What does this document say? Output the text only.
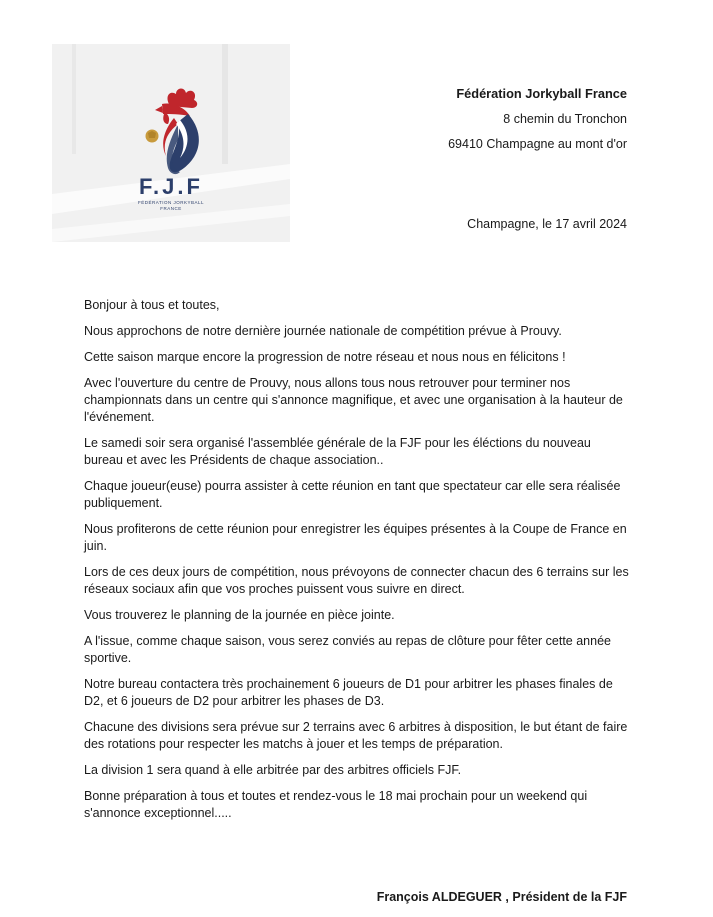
F.J.F
FÉDÉRATION JORKYBALL
FRANCE
Fédération Jorkyball France
8 chemin du Tronchon
69410 Champagne au mont d'or
Champagne, le 17 avril 2024

Bonjour à tous et toutes,

Nous approchons de notre dernière journée nationale de compétition prévue à Prouvy.

Cette saison marque encore la progression de notre réseau et nous nous en félicitons !

Avec l'ouverture du centre de Prouvy, nous allons tous nous retrouver pour terminer nos championnats dans un centre qui s'annonce magnifique, et avec une organisation à la hauteur de l'événement.

Le samedi soir sera organisé l'assemblée générale de la FJF pour les éléctions du nouveau bureau et avec les Présidents de chaque association..

Chaque joueur(euse) pourra assister à cette réunion en tant que spectateur car elle sera réalisée publiquement.

Nous profiterons de cette réunion pour enregistrer les équipes présentes à la Coupe de France en juin.

Lors de ces deux jours de compétition, nous prévoyons de connecter chacun des 6 terrains sur les réseaux sociaux afin que vos proches puissent vous suivre en direct.

Vous trouverez le planning de la journée en pièce jointe.

A l'issue, comme chaque saison, vous serez conviés au repas de clôture pour fêter cette année sportive.

Notre bureau contactera très prochainement 6 joueurs de D1 pour arbitrer les phases finales de D2, et 6 joueurs de D2 pour arbitrer les phases de D3.

Chacune des divisions sera prévue sur 2 terrains avec 6 arbitres à disposition, le but étant de faire des rotations pour respecter les matchs à jouer et les temps de préparation.

La division 1 sera quand à elle arbitrée par des arbitres officiels FJF.

Bonne préparation à tous et toutes et rendez-vous le 18 mai prochain pour un weekend qui s'annonce exceptionnel.....

François ALDEGUER , Président de la FJF
